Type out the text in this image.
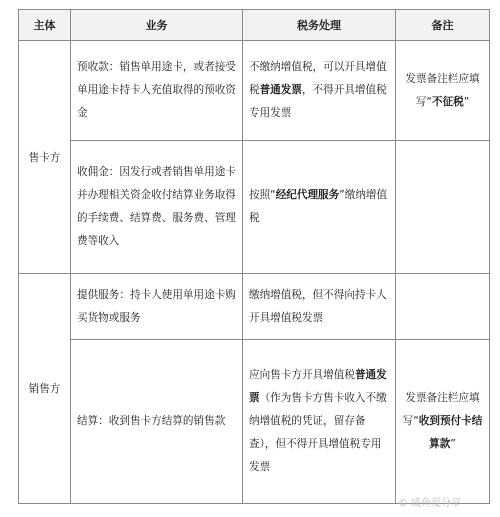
主体	业务	税务处理	备注
售卡方	预收款：销售单用途卡，或者接受单用途卡持卡人充值取得的预收资金	不缴纳增值税，可以开具增值税普通发票，不得开具增值税专用发票	发票备注栏应填写“不征税”
	收佣金：因发行或者销售单用途卡并办理相关资金收付结算业务取得的手续费、结算费、服务费、管理费等收入	按照“经纪代理服务”缴纳增值税	
销售方	提供服务：持卡人使用单用途卡购买货物或服务	缴纳增值税，但不得向持卡人开具增值税发票	
	结算：收到售卡方结算的销售款	应向售卡方开具增值税普通发票（作为售卡方售卡收入不缴纳增值税的凭证，留存备查），但不得开具增值税专用发票	发票备注栏应填写“收到预付卡结算款”
© 咸鱼爱分享
